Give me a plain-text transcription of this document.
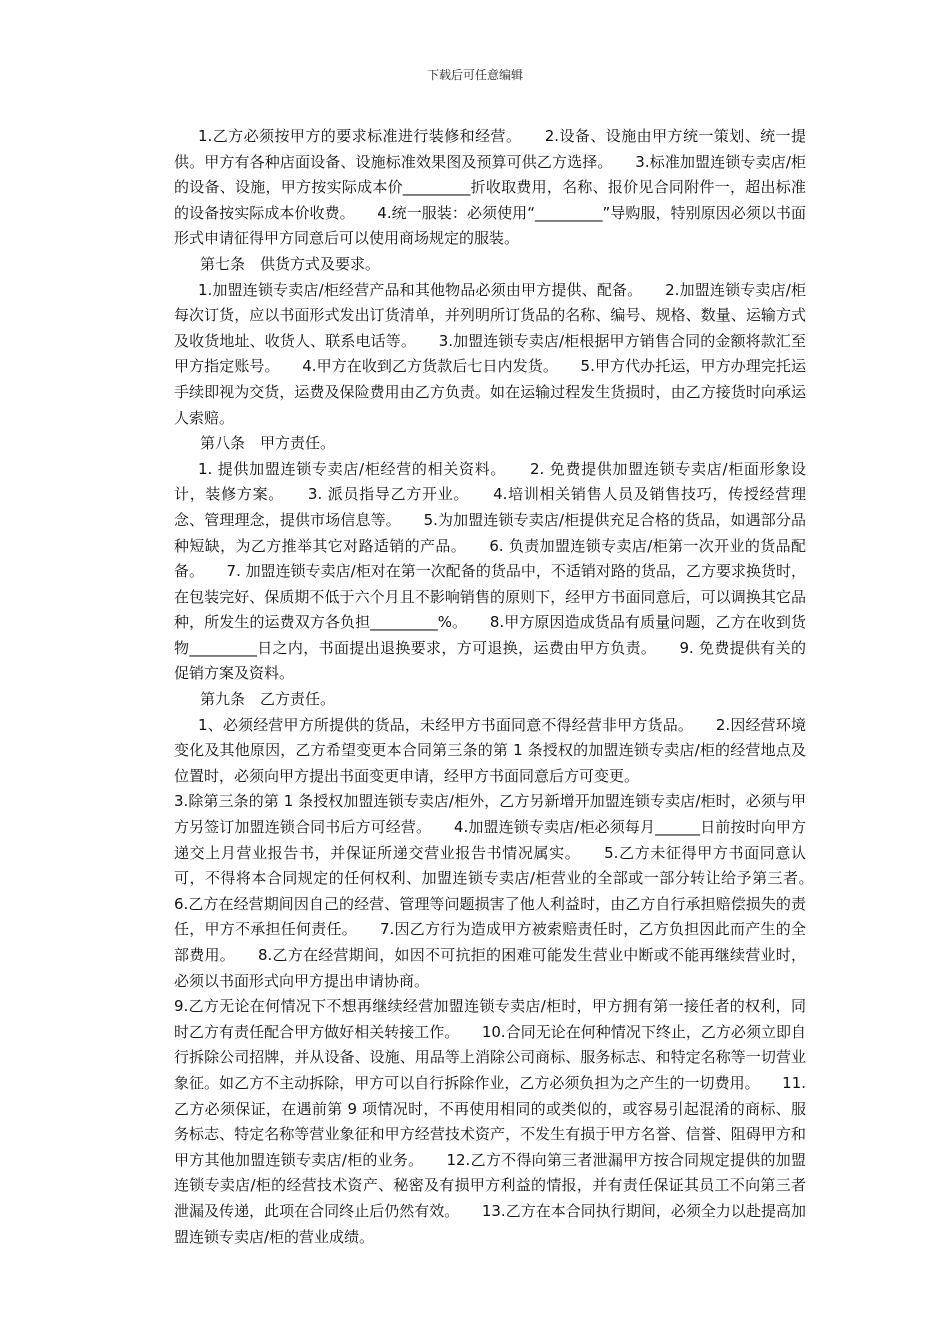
下载后可任意编辑

1.乙方必须按甲方的要求标准进行装修和经营。　　2.设备、设施由甲方统一策划、统一提供。甲方有各种店面设备、设施标准效果图及预算可供乙方选择。　　3.标准加盟连锁专卖店/柜的设备、设施，甲方按实际成本价_________折收取费用，名称、报价见合同附件一，超出标准的设备按实际成本价收费。　　4.统一服装：必须使用“_________”导购服，特别原因必须以书面形式申请征得甲方同意后可以使用商场规定的服装。

第七条　供货方式及要求。

1.加盟连锁专卖店/柜经营产品和其他物品必须由甲方提供、配备。　　2.加盟连锁专卖店/柜每次订货，应以书面形式发出订货清单，并列明所订货品的名称、编号、规格、数量、运输方式及收货地址、收货人、联系电话等。　　3.加盟连锁专卖店/柜根据甲方销售合同的金额将款汇至甲方指定账号。　　4.甲方在收到乙方货款后七日内发货。　　5.甲方代办托运，甲方办理完托运手续即视为交货，运费及保险费用由乙方负责。如在运输过程发生货损时，由乙方接货时向承运人索赔。

第八条　甲方责任。

1. 提供加盟连锁专卖店/柜经营的相关资料。　　2. 免费提供加盟连锁专卖店/柜面形象设计，装修方案。　　3. 派员指导乙方开业。　　4.培训相关销售人员及销售技巧，传授经营理念、管理理念，提供市场信息等。　　5.为加盟连锁专卖店/柜提供充足合格的货品，如遇部分品种短缺，为乙方推举其它对路适销的产品。　　6. 负责加盟连锁专卖店/柜第一次开业的货品配备。　　7. 加盟连锁专卖店/柜对在第一次配备的货品中，不适销对路的货品，乙方要求换货时，在包装完好、保质期不低于六个月且不影响销售的原则下，经甲方书面同意后，可以调换其它品种，所发生的运费双方各负担_________%。　　8.甲方原因造成货品有质量问题，乙方在收到货物_________日之内，书面提出退换要求，方可退换，运费由甲方负责。　　9. 免费提供有关的促销方案及资料。

第九条　乙方责任。

1、必须经营甲方所提供的货品，未经甲方书面同意不得经营非甲方货品。　　2.因经营环境变化及其他原因，乙方希望变更本合同第三条的第 1 条授权的加盟连锁专卖店/柜的经营地点及位置时，必须向甲方提出书面变更申请，经甲方书面同意后方可变更。

3.除第三条的第 1 条授权加盟连锁专卖店/柜外，乙方另新增开加盟连锁专卖店/柜时，必须与甲方另签订加盟连锁合同书后方可经营。　　4.加盟连锁专卖店/柜必须每月______日前按时向甲方递交上月营业报告书，并保证所递交营业报告书情况属实。　　5.乙方未征得甲方书面同意认可，不得将本合同规定的任何权利、加盟连锁专卖店/柜营业的全部或一部分转让给予第三者。　　6.乙方在经营期间因自己的经营、管理等问题损害了他人利益时，由乙方自行承担赔偿损失的责任，甲方不承担任何责任。　　7.因乙方行为造成甲方被索赔责任时，乙方负担因此而产生的全部费用。　　8.乙方在经营期间，如因不可抗拒的困难可能发生营业中断或不能再继续营业时，必须以书面形式向甲方提出申请协商。

9.乙方无论在何情况下不想再继续经营加盟连锁专卖店/柜时，甲方拥有第一接任者的权利，同时乙方有责任配合甲方做好相关转接工作。　　10.合同无论在何种情况下终止，乙方必须立即自行拆除公司招牌，并从设备、设施、用品等上消除公司商标、服务标志、和特定名称等一切营业象征。如乙方不主动拆除，甲方可以自行拆除作业，乙方必须负担为之产生的一切费用。　　11.乙方必须保证，在遇前第 9 项情况时，不再使用相同的或类似的，或容易引起混淆的商标、服务标志、特定名称等营业象征和甲方经营技术资产，不发生有损于甲方名誉、信誉、阻碍甲方和甲方其他加盟连锁专卖店/柜的业务。　　12.乙方不得向第三者泄漏甲方按合同规定提供的加盟连锁专卖店/柜的经营技术资产、秘密及有损甲方利益的情报，并有责任保证其员工不向第三者泄漏及传递，此项在合同终止后仍然有效。　　13.乙方在本合同执行期间，必须全力以赴提高加盟连锁专卖店/柜的营业成绩。
